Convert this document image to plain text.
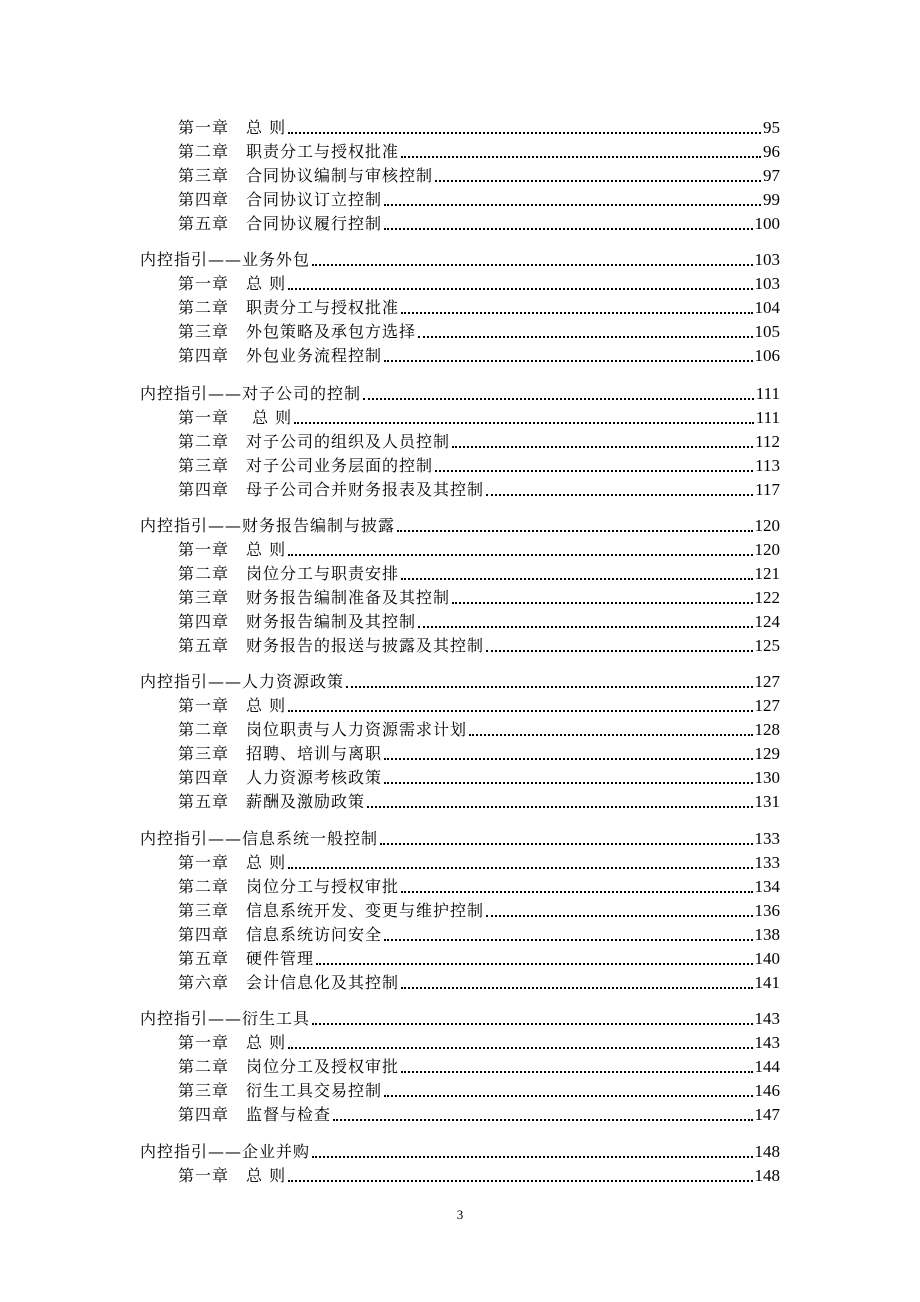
第一章　总 则	95
第二章　职责分工与授权批准	96
第三章　合同协议编制与审核控制	97
第四章　合同协议订立控制	99
第五章　合同协议履行控制	100
内控指引——业务外包	103
第一章　总 则	103
第二章　职责分工与授权批准	104
第三章　外包策略及承包方选择	105
第四章　外包业务流程控制	106
内控指引——对子公司的控制	111
第一章　 总 则	111
第二章　对子公司的组织及人员控制	112
第三章　对子公司业务层面的控制	113
第四章　母子公司合并财务报表及其控制	117
内控指引——财务报告编制与披露	120
第一章　总 则	120
第二章　岗位分工与职责安排	121
第三章　财务报告编制准备及其控制	122
第四章　财务报告编制及其控制	124
第五章　财务报告的报送与披露及其控制	125
内控指引——人力资源政策	127
第一章　总 则	127
第二章　岗位职责与人力资源需求计划	128
第三章　招聘、培训与离职	129
第四章　人力资源考核政策	130
第五章　薪酬及激励政策	131
内控指引——信息系统一般控制	133
第一章　总 则	133
第二章　岗位分工与授权审批	134
第三章　信息系统开发、变更与维护控制	136
第四章　信息系统访问安全	138
第五章　硬件管理	140
第六章　会计信息化及其控制	141
内控指引——衍生工具	143
第一章　总 则	143
第二章　岗位分工及授权审批	144
第三章　衍生工具交易控制	146
第四章　监督与检查	147
内控指引——企业并购	148
第一章　总 则	148
3
